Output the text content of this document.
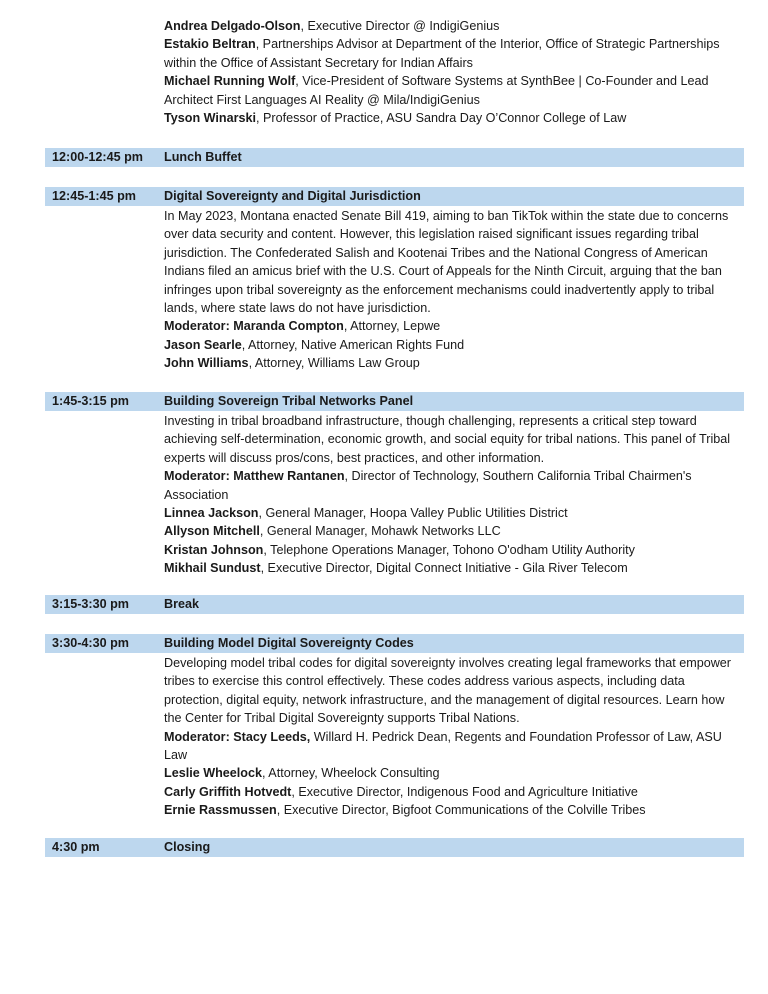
Andrea Delgado-Olson, Executive Director @ IndigiGenius
Estakio Beltran, Partnerships Advisor at Department of the Interior, Office of Strategic Partnerships within the Office of Assistant Secretary for Indian Affairs
Michael Running Wolf, Vice-President of Software Systems at SynthBee | Co-Founder and Lead Architect First Languages AI Reality @ Mila/IndigiGenius
Tyson Winarski, Professor of Practice, ASU Sandra Day O’Connor College of Law
12:00-12:45 pm Lunch Buffet
12:45-1:45 pm Digital Sovereignty and Digital Jurisdiction
In May 2023, Montana enacted Senate Bill 419, aiming to ban TikTok within the state due to concerns over data security and content. However, this legislation raised significant issues regarding tribal jurisdiction. The Confederated Salish and Kootenai Tribes and the National Congress of American Indians filed an amicus brief with the U.S. Court of Appeals for the Ninth Circuit, arguing that the ban infringes upon tribal sovereignty as the enforcement mechanisms could inadvertently apply to tribal lands, where state laws do not have jurisdiction.
Moderator: Maranda Compton, Attorney, Lepwe
Jason Searle, Attorney, Native American Rights Fund
John Williams, Attorney, Williams Law Group
1:45-3:15 pm	Building Sovereign Tribal Networks Panel
Investing in tribal broadband infrastructure, though challenging, represents a critical step toward achieving self-determination, economic growth, and social equity for tribal nations. This panel of Tribal experts will discuss pros/cons, best practices, and other information.
Moderator: Matthew Rantanen, Director of Technology, Southern California Tribal Chairmen's Association
Linnea Jackson, General Manager, Hoopa Valley Public Utilities District
Allyson Mitchell, General Manager, Mohawk Networks LLC
Kristan Johnson, Telephone Operations Manager, Tohono O'odham Utility Authority
Mikhail Sundust, Executive Director, Digital Connect Initiative - Gila River Telecom
3:15-3:30 pm	Break
3:30-4:30 pm	Building Model Digital Sovereignty Codes
Developing model tribal codes for digital sovereignty involves creating legal frameworks that empower tribes to exercise this control effectively. These codes address various aspects, including data protection, digital equity, network infrastructure, and the management of digital resources. Learn how the Center for Tribal Digital Sovereignty supports Tribal Nations.
Moderator: Stacy Leeds, Willard H. Pedrick Dean, Regents and Foundation Professor of Law, ASU Law
Leslie Wheelock, Attorney, Wheelock Consulting
Carly Griffith Hotvedt, Executive Director, Indigenous Food and Agriculture Initiative
Ernie Rassmussen, Executive Director, Bigfoot Communications of the Colville Tribes
4:30 pm	Closing
